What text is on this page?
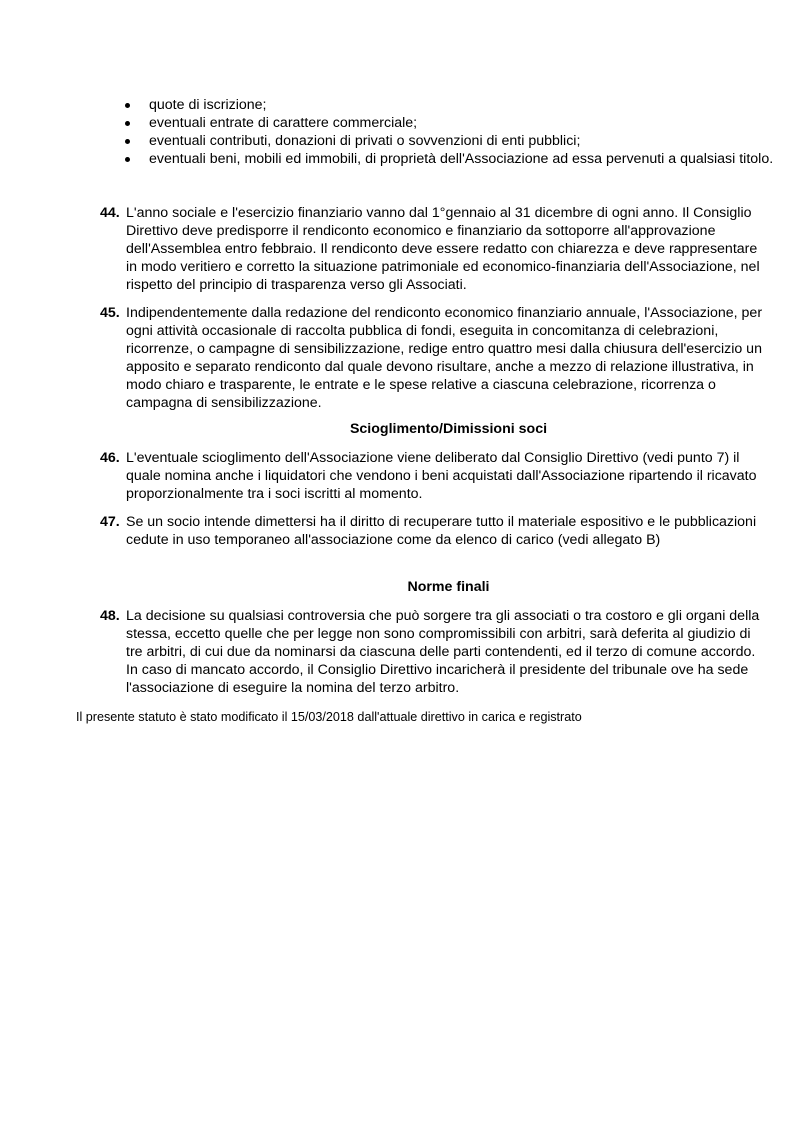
quote di iscrizione;
eventuali entrate di carattere commerciale;
eventuali contributi, donazioni di privati o sovvenzioni di enti pubblici;
eventuali beni, mobili ed immobili, di proprietà dell'Associazione ad essa pervenuti a qualsiasi titolo.
44. L'anno sociale e l'esercizio finanziario vanno dal 1°gennaio al 31 dicembre di ogni anno. Il Consiglio Direttivo deve predisporre il rendiconto economico e finanziario da sottoporre all'approvazione dell'Assemblea entro febbraio. Il rendiconto deve essere redatto con chiarezza e deve rappresentare in modo veritiero e corretto la situazione patrimoniale ed economico-finanziaria dell'Associazione, nel rispetto del principio di trasparenza verso gli Associati.
45. Indipendentemente dalla redazione del rendiconto economico finanziario annuale, l'Associazione, per ogni attività occasionale di raccolta pubblica di fondi, eseguita in concomitanza di celebrazioni, ricorrenze, o campagne di sensibilizzazione, redige entro quattro mesi dalla chiusura dell'esercizio un apposito e separato rendiconto dal quale devono risultare, anche a mezzo di relazione illustrativa, in modo chiaro e trasparente, le entrate e le spese relative a ciascuna celebrazione, ricorrenza o campagna di sensibilizzazione.
Scioglimento/Dimissioni soci
46. L'eventuale scioglimento dell'Associazione viene deliberato dal Consiglio Direttivo (vedi punto 7) il quale nomina anche i liquidatori che vendono i beni acquistati dall'Associazione ripartendo il ricavato proporzionalmente tra i soci iscritti al momento.
47. Se un socio intende dimettersi ha il diritto di recuperare tutto il materiale espositivo e le pubblicazioni cedute in uso temporaneo all'associazione come da elenco di carico (vedi allegato B)
Norme finali
48. La decisione su qualsiasi controversia che può sorgere tra gli associati o tra costoro e gli organi della stessa, eccetto quelle che per legge non sono compromissibili con arbitri, sarà deferita al giudizio di tre arbitri, di cui due da nominarsi da ciascuna delle parti contendenti, ed il terzo di comune accordo. In caso di mancato accordo, il Consiglio Direttivo incaricherà il presidente del tribunale ove ha sede l'associazione di eseguire la nomina del terzo arbitro.

Il presente statuto è stato modificato il 15/03/2018 dall'attuale direttivo in carica e registrato
